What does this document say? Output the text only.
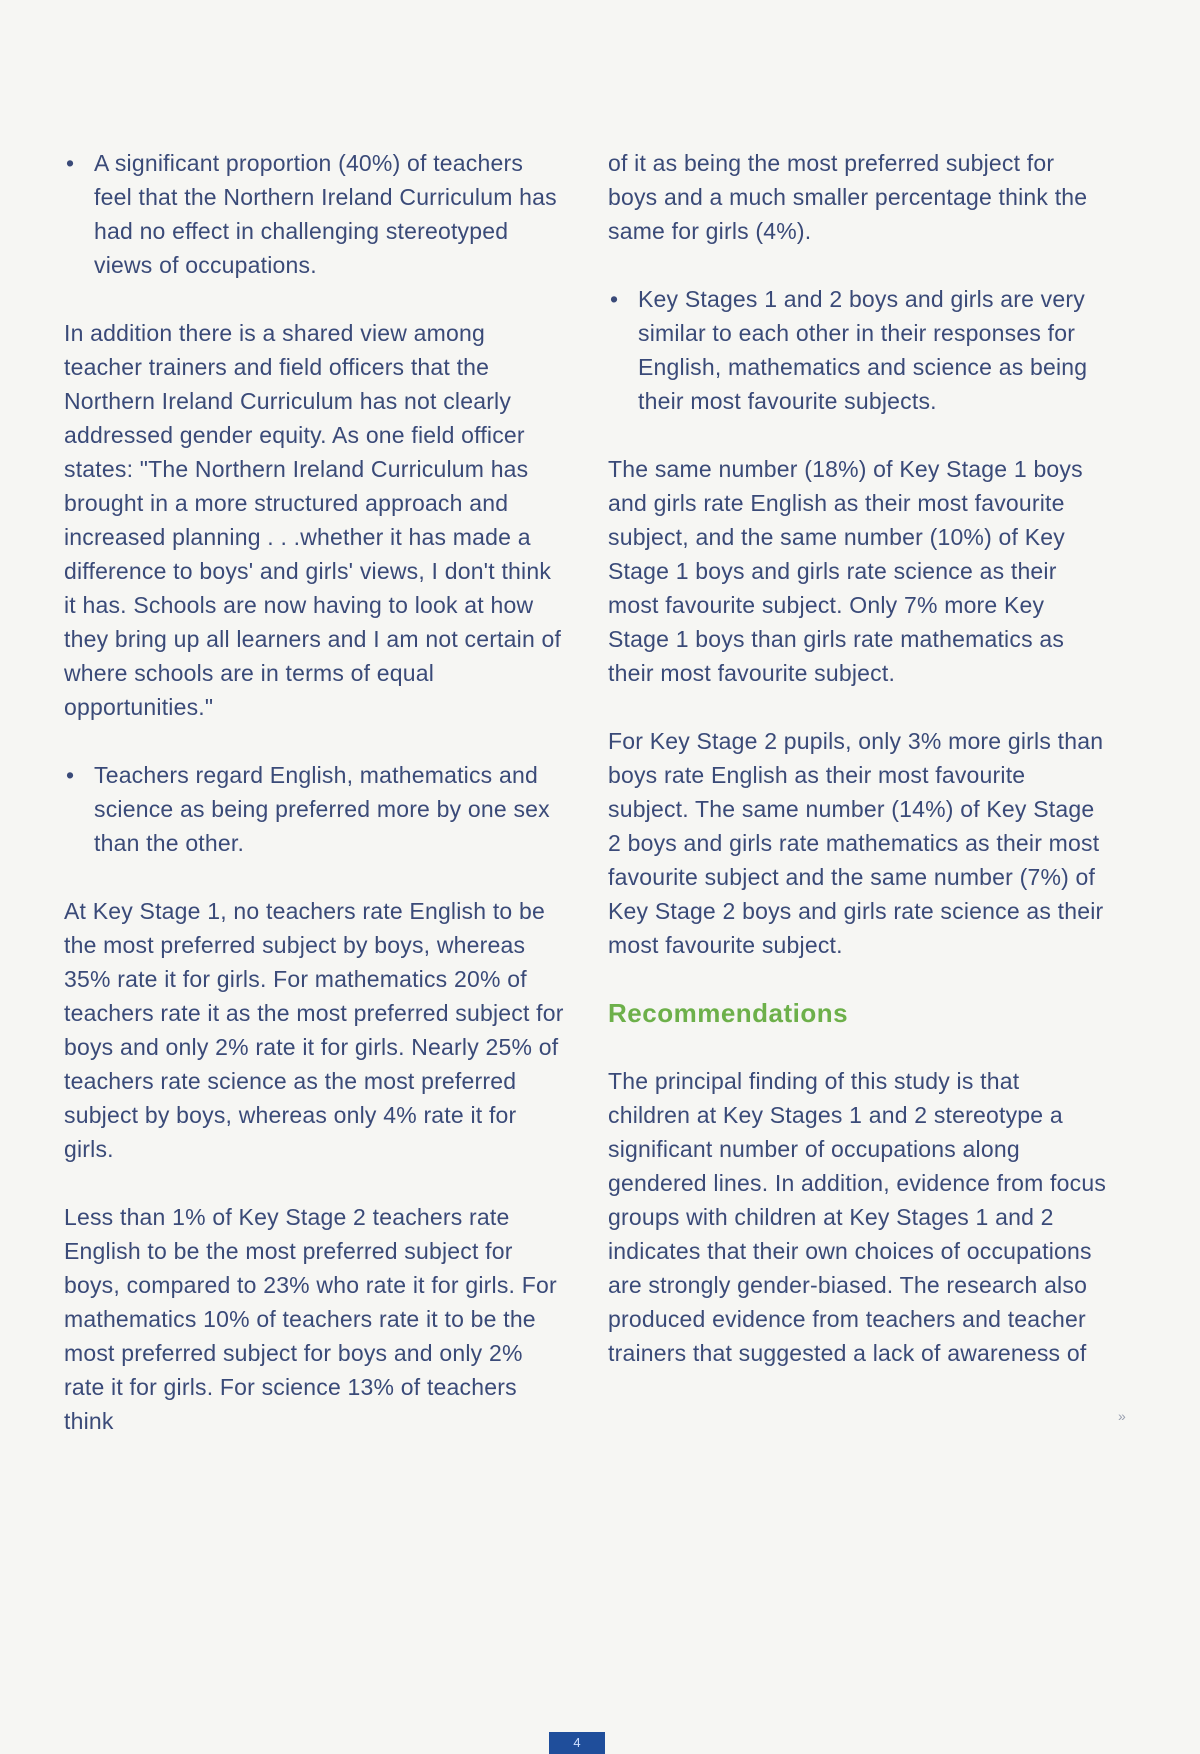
• A significant proportion (40%) of teachers feel that the Northern Ireland Curriculum has had no effect in challenging stereotyped views of occupations.

In addition there is a shared view among teacher trainers and field officers that the Northern Ireland Curriculum has not clearly addressed gender equity. As one field officer states: "The Northern Ireland Curriculum has brought in a more structured approach and increased planning . . .whether it has made a difference to boys' and girls' views, I don't think it has. Schools are now having to look at how they bring up all learners and I am not certain of where schools are in terms of equal opportunities."

• Teachers regard English, mathematics and science as being preferred more by one sex than the other.

At Key Stage 1, no teachers rate English to be the most preferred subject by boys, whereas 35% rate it for girls. For mathematics 20% of teachers rate it as the most preferred subject for boys and only 2% rate it for girls. Nearly 25% of teachers rate science as the most preferred subject by boys, whereas only 4% rate it for girls.

Less than 1% of Key Stage 2 teachers rate English to be the most preferred subject for boys, compared to 23% who rate it for girls. For mathematics 10% of teachers rate it to be the most preferred subject for boys and only 2% rate it for girls. For science 13% of teachers think

of it as being the most preferred subject for boys and a much smaller percentage think the same for girls (4%).

• Key Stages 1 and 2 boys and girls are very similar to each other in their responses for English, mathematics and science as being their most favourite subjects.

The same number (18%) of Key Stage 1 boys and girls rate English as their most favourite subject, and the same number (10%) of Key Stage 1 boys and girls rate science as their most favourite subject. Only 7% more Key Stage 1 boys than girls rate mathematics as their most favourite subject.

For Key Stage 2 pupils, only 3% more girls than boys rate English as their most favourite subject. The same number (14%) of Key Stage 2 boys and girls rate mathematics as their most favourite subject and the same number (7%) of Key Stage 2 boys and girls rate science as their most favourite subject.

Recommendations

The principal finding of this study is that children at Key Stages 1 and 2 stereotype a significant number of occupations along gendered lines. In addition, evidence from focus groups with children at Key Stages 1 and 2 indicates that their own choices of occupations are strongly gender-biased. The research also produced evidence from teachers and teacher trainers that suggested a lack of awareness of

»
4
